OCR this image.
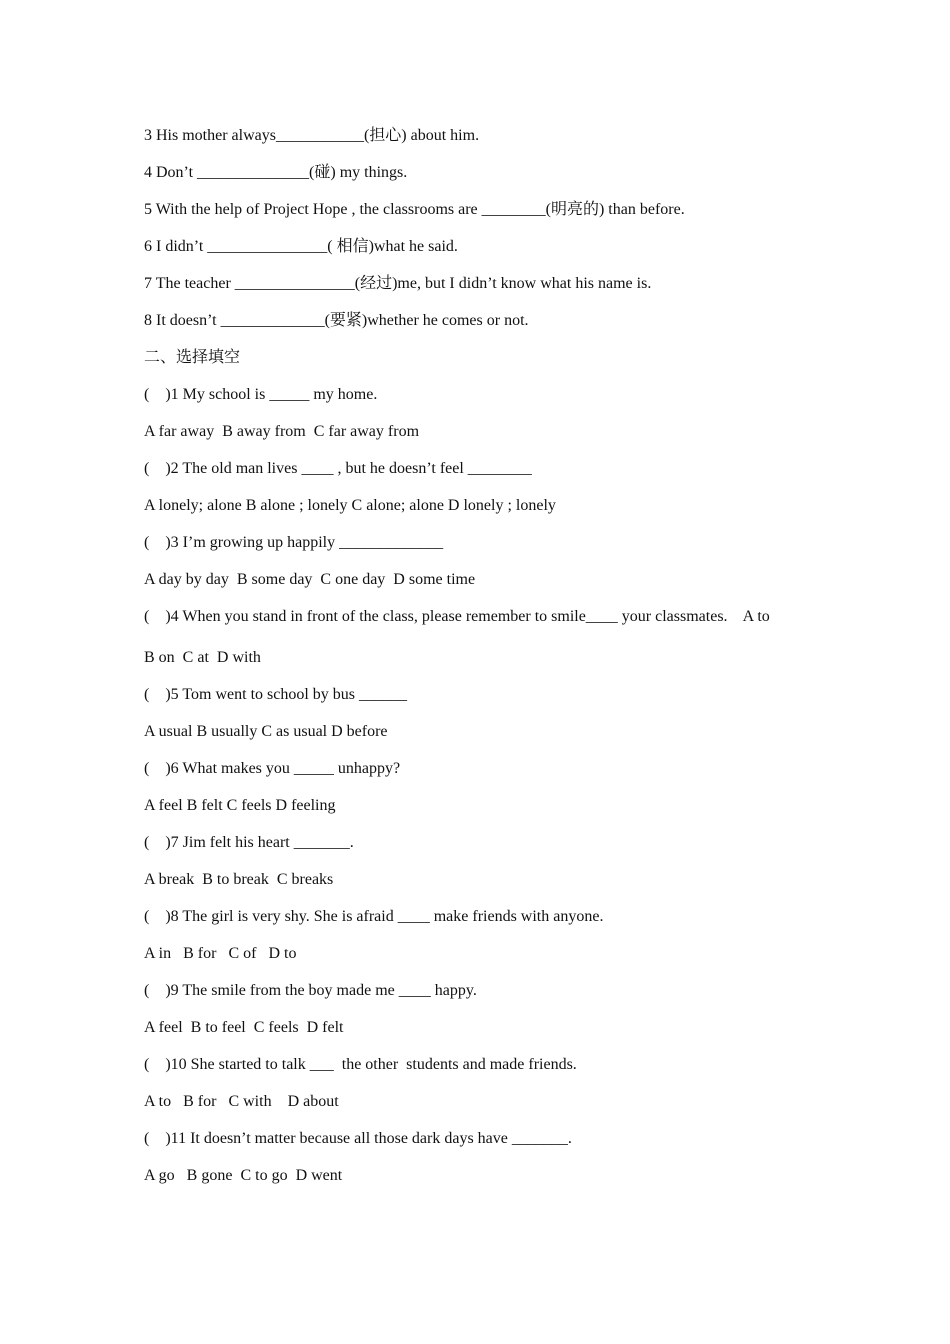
3 His mother always___________(担心) about him.
4 Don’t ______________(碰) my things.
5 With the help of Project Hope , the classrooms are ________(明亮的) than before.
6 I didn’t _______________( 相信)what he said.
7 The teacher _______________(经过)me, but I didn’t know what his name is.
8 It doesn’t _____________(要紧)whether he comes or not.
二、选择填空
(    )1 My school is _____ my home.
A far away  B away from  C far away from
(    )2 The old man lives ____ , but he doesn’t feel ________
A lonely; alone B alone ; lonely C alone; alone D lonely ; lonely
(    )3 I’m growing up happily _____________
A day by day  B some day  C one day  D some time
(    )4 When you stand in front of the class, please remember to smile____ your classmates.    A to
B on  C at  D with
(    )5 Tom went to school by bus ______
A usual B usually C as usual D before
(    )6 What makes you _____ unhappy?
A feel B felt C feels D feeling
(    )7 Jim felt his heart _______.
A break  B to break  C breaks
(    )8 The girl is very shy. She is afraid ____ make friends with anyone.
A in   B for   C of   D to
(    )9 The smile from the boy made me ____ happy.
A feel  B to feel  C feels  D felt
(    )10 She started to talk ___  the other  students and made friends.
A to   B for   C with    D about
(    )11 It doesn’t matter because all those dark days have _______.
A go   B gone  C to go  D went
